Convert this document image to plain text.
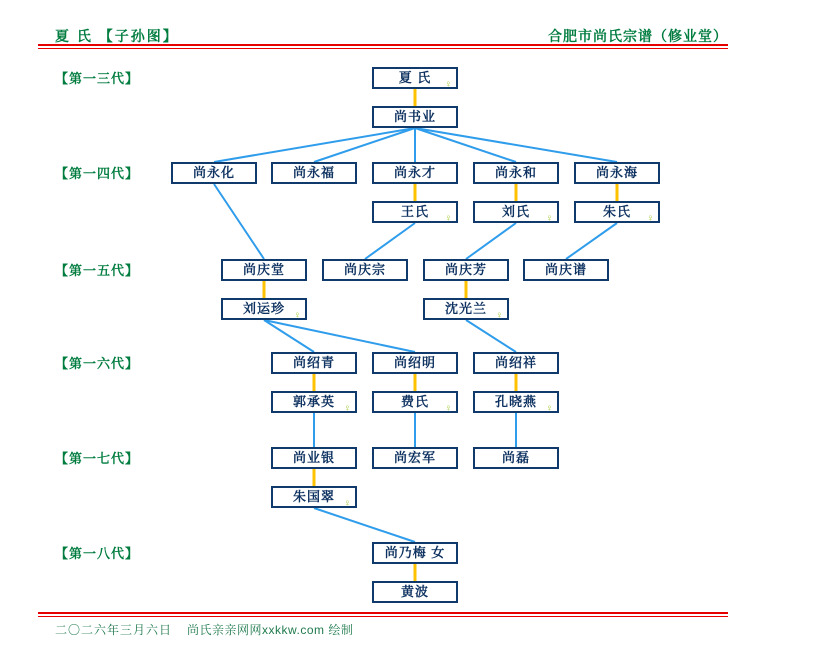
夏 氏 【子孙图】	合肥市尚氏宗谱（修业堂）
【第一三代】
【第一四代】
【第一五代】
【第一六代】
【第一七代】
【第一八代】
夏 氏 ♀
尚书业
尚永化	尚永福	尚永才	尚永和	尚永海
王氏 ♀	刘氏 ♀	朱氏 ♀
尚庆堂	尚庆宗	尚庆芳	尚庆谱
刘运珍 ♀	沈光兰 ♀
尚绍青	尚绍明	尚绍祥
郭承英 ♀	费氏 ♀	孔晓燕 ♀
尚业银	尚宏军	尚磊
朱国翠 ♀
尚乃梅 女
黄波
二〇二六年三月六日 尚氏亲亲网网xxkkw.com 绘制
